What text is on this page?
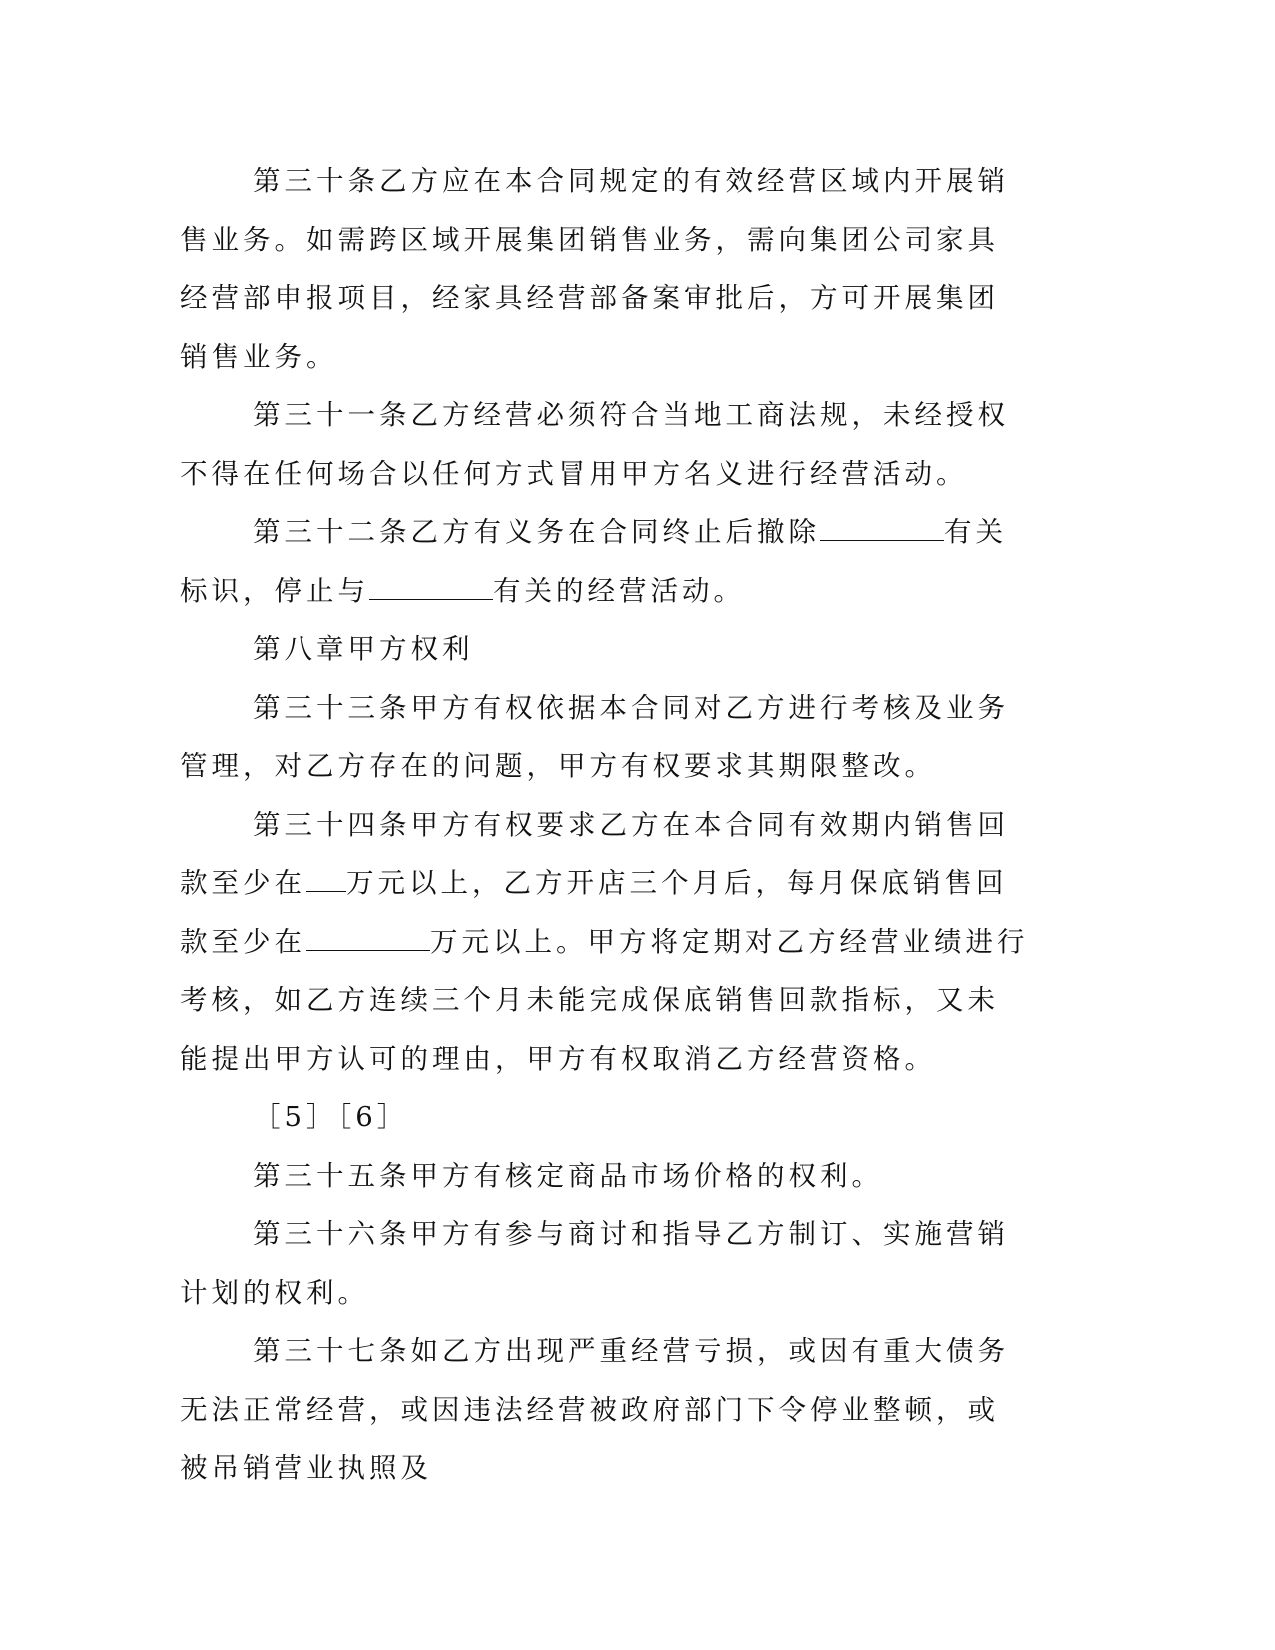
第三十条乙方应在本合同规定的有效经营区域内开展销售业务。如需跨区域开展集团销售业务，需向集团公司家具经营部申报项目，经家具经营部备案审批后，方可开展集团销售业务。

第三十一条乙方经营必须符合当地工商法规，未经授权不得在任何场合以任何方式冒用甲方名义进行经营活动。

第三十二条乙方有义务在合同终止后撤除	有关标识，停止与	有关的经营活动。

第八章甲方权利

第三十三条甲方有权依据本合同对乙方进行考核及业务管理，对乙方存在的问题，甲方有权要求其期限整改。

第三十四条甲方有权要求乙方在本合同有效期内销售回款至少在 万元以上，乙方开店三个月后，每月保底销售回款至少在	万元以上。甲方将定期对乙方经营业绩进行考核，如乙方连续三个月未能完成保底销售回款指标，又未能提出甲方认可的理由，甲方有权取消乙方经营资格。

［5］［6］

第三十五条甲方有核定商品市场价格的权利。

第三十六条甲方有参与商讨和指导乙方制订、实施营销计划的权利。

第三十七条如乙方出现严重经营亏损，或因有重大债务无法正常经营，或因违法经营被政府部门下令停业整顿，或被吊销营业执照及
